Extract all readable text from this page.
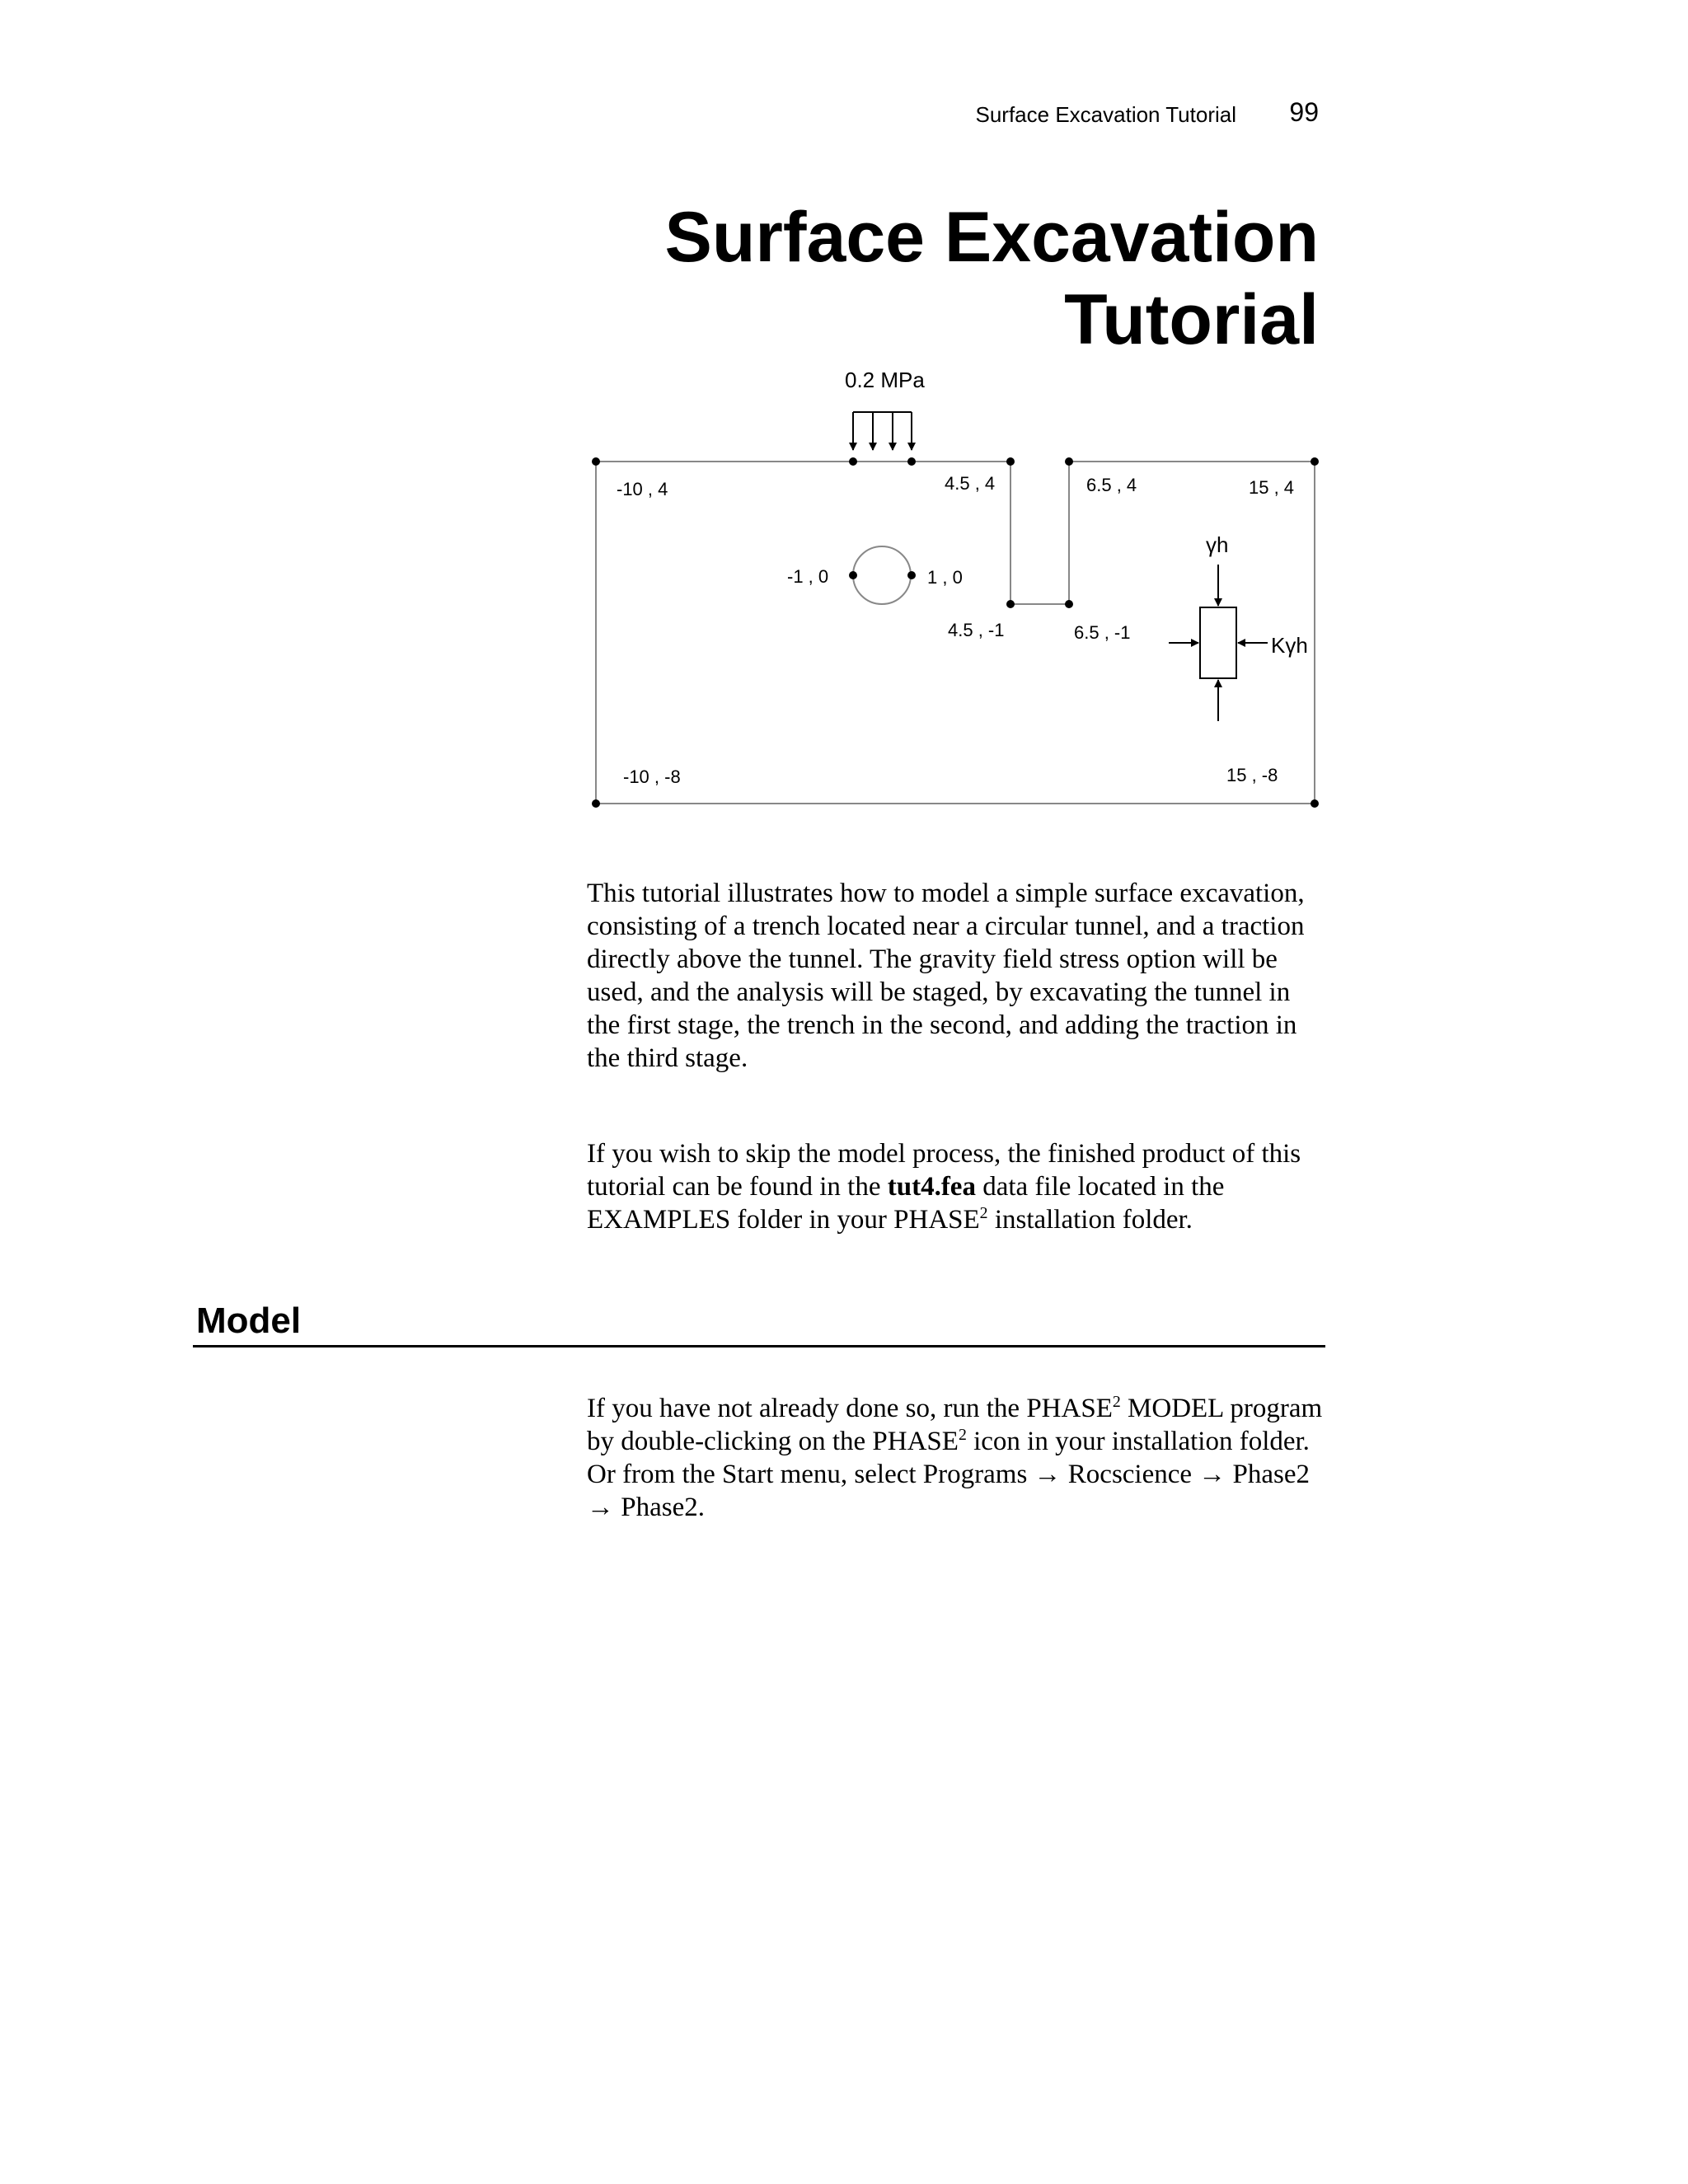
Surface Excavation Tutorial 99
Surface Excavation Tutorial
0.2 MPa
-10 , 4	4.5 , 4	6.5 , 4	15 , 4
-1 , 0	1 , 0
4.5 , -1	6.5 , -1
-10 , -8	15 , -8
γh
Kγh

This tutorial illustrates how to model a simple surface excavation, consisting of a trench located near a circular tunnel, and a traction directly above the tunnel. The gravity field stress option will be used, and the analysis will be staged, by excavating the tunnel in the first stage, the trench in the second, and adding the traction in the third stage.

If you wish to skip the model process, the finished product of this tutorial can be found in the tut4.fea data file located in the EXAMPLES folder in your PHASE$^2$ installation folder.

Model

If you have not already done so, run the PHASE$^2$ MODEL program by double-clicking on the PHASE$^2$ icon in your installation folder. Or from the Start menu, select Programs → Rocscience → Phase2 → Phase2.
